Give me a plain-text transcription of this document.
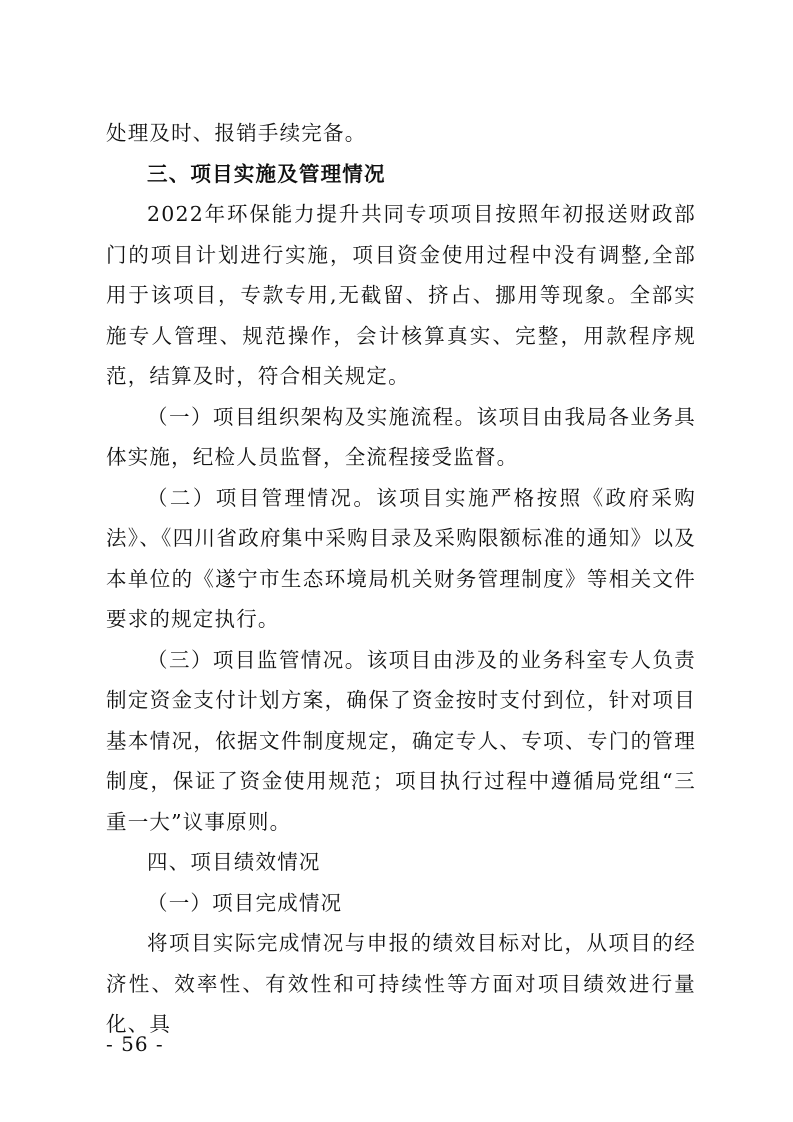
处理及时、报销手续完备。

三、项目实施及管理情况

2022年环保能力提升共同专项项目按照年初报送财政部门的项目计划进行实施，项目资金使用过程中没有调整,全部用于该项目，专款专用,无截留、挤占、挪用等现象。全部实施专人管理、规范操作，会计核算真实、完整，用款程序规范，结算及时，符合相关规定。

（一）项目组织架构及实施流程。该项目由我局各业务具体实施，纪检人员监督，全流程接受监督。

（二）项目管理情况。该项目实施严格按照《政府采购法》、《四川省政府集中采购目录及采购限额标准的通知》以及本单位的《遂宁市生态环境局机关财务管理制度》等相关文件要求的规定执行。

（三）项目监管情况。该项目由涉及的业务科室专人负责制定资金支付计划方案，确保了资金按时支付到位，针对项目基本情况，依据文件制度规定，确定专人、专项、专门的管理制度，保证了资金使用规范；项目执行过程中遵循局党组“三重一大”议事原则。

四、项目绩效情况

（一）项目完成情况

将项目实际完成情况与申报的绩效目标对比，从项目的经济性、效率性、有效性和可持续性等方面对项目绩效进行量化、具

- 56 -
